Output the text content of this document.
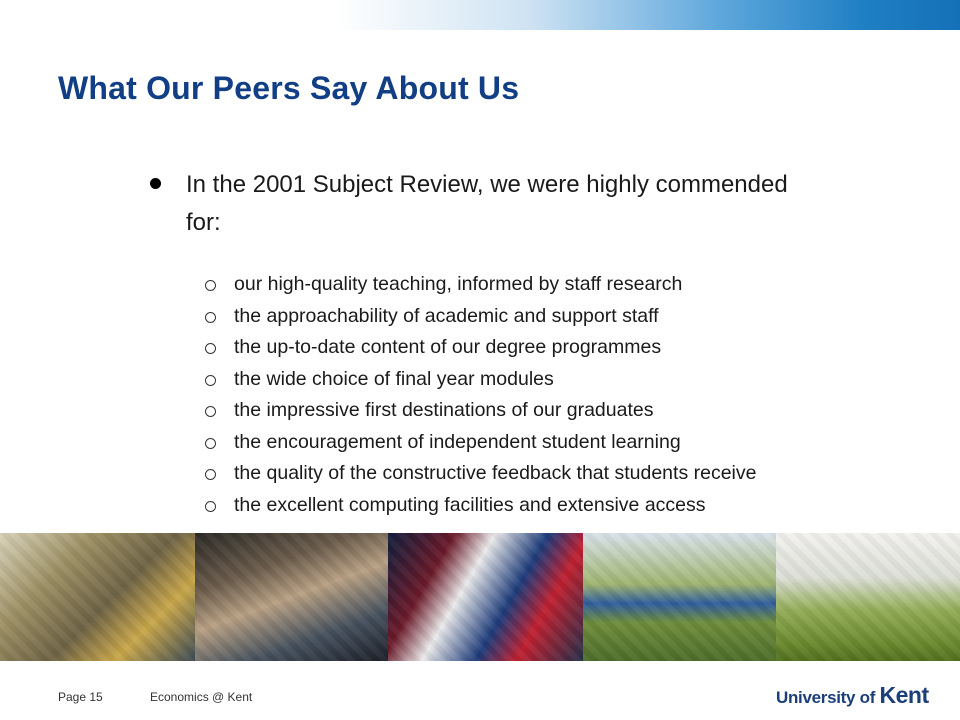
What Our Peers Say About Us
In the 2001 Subject Review, we were highly commended for:
our high-quality teaching, informed by staff research
the approachability of academic and support staff
the up-to-date content of our degree programmes
the wide choice of final year modules
the impressive first destinations of our graduates
the encouragement of independent student learning
the quality of the constructive feedback that students receive
the excellent computing facilities and extensive access
Page 15	Economics @ Kent	University of Kent
